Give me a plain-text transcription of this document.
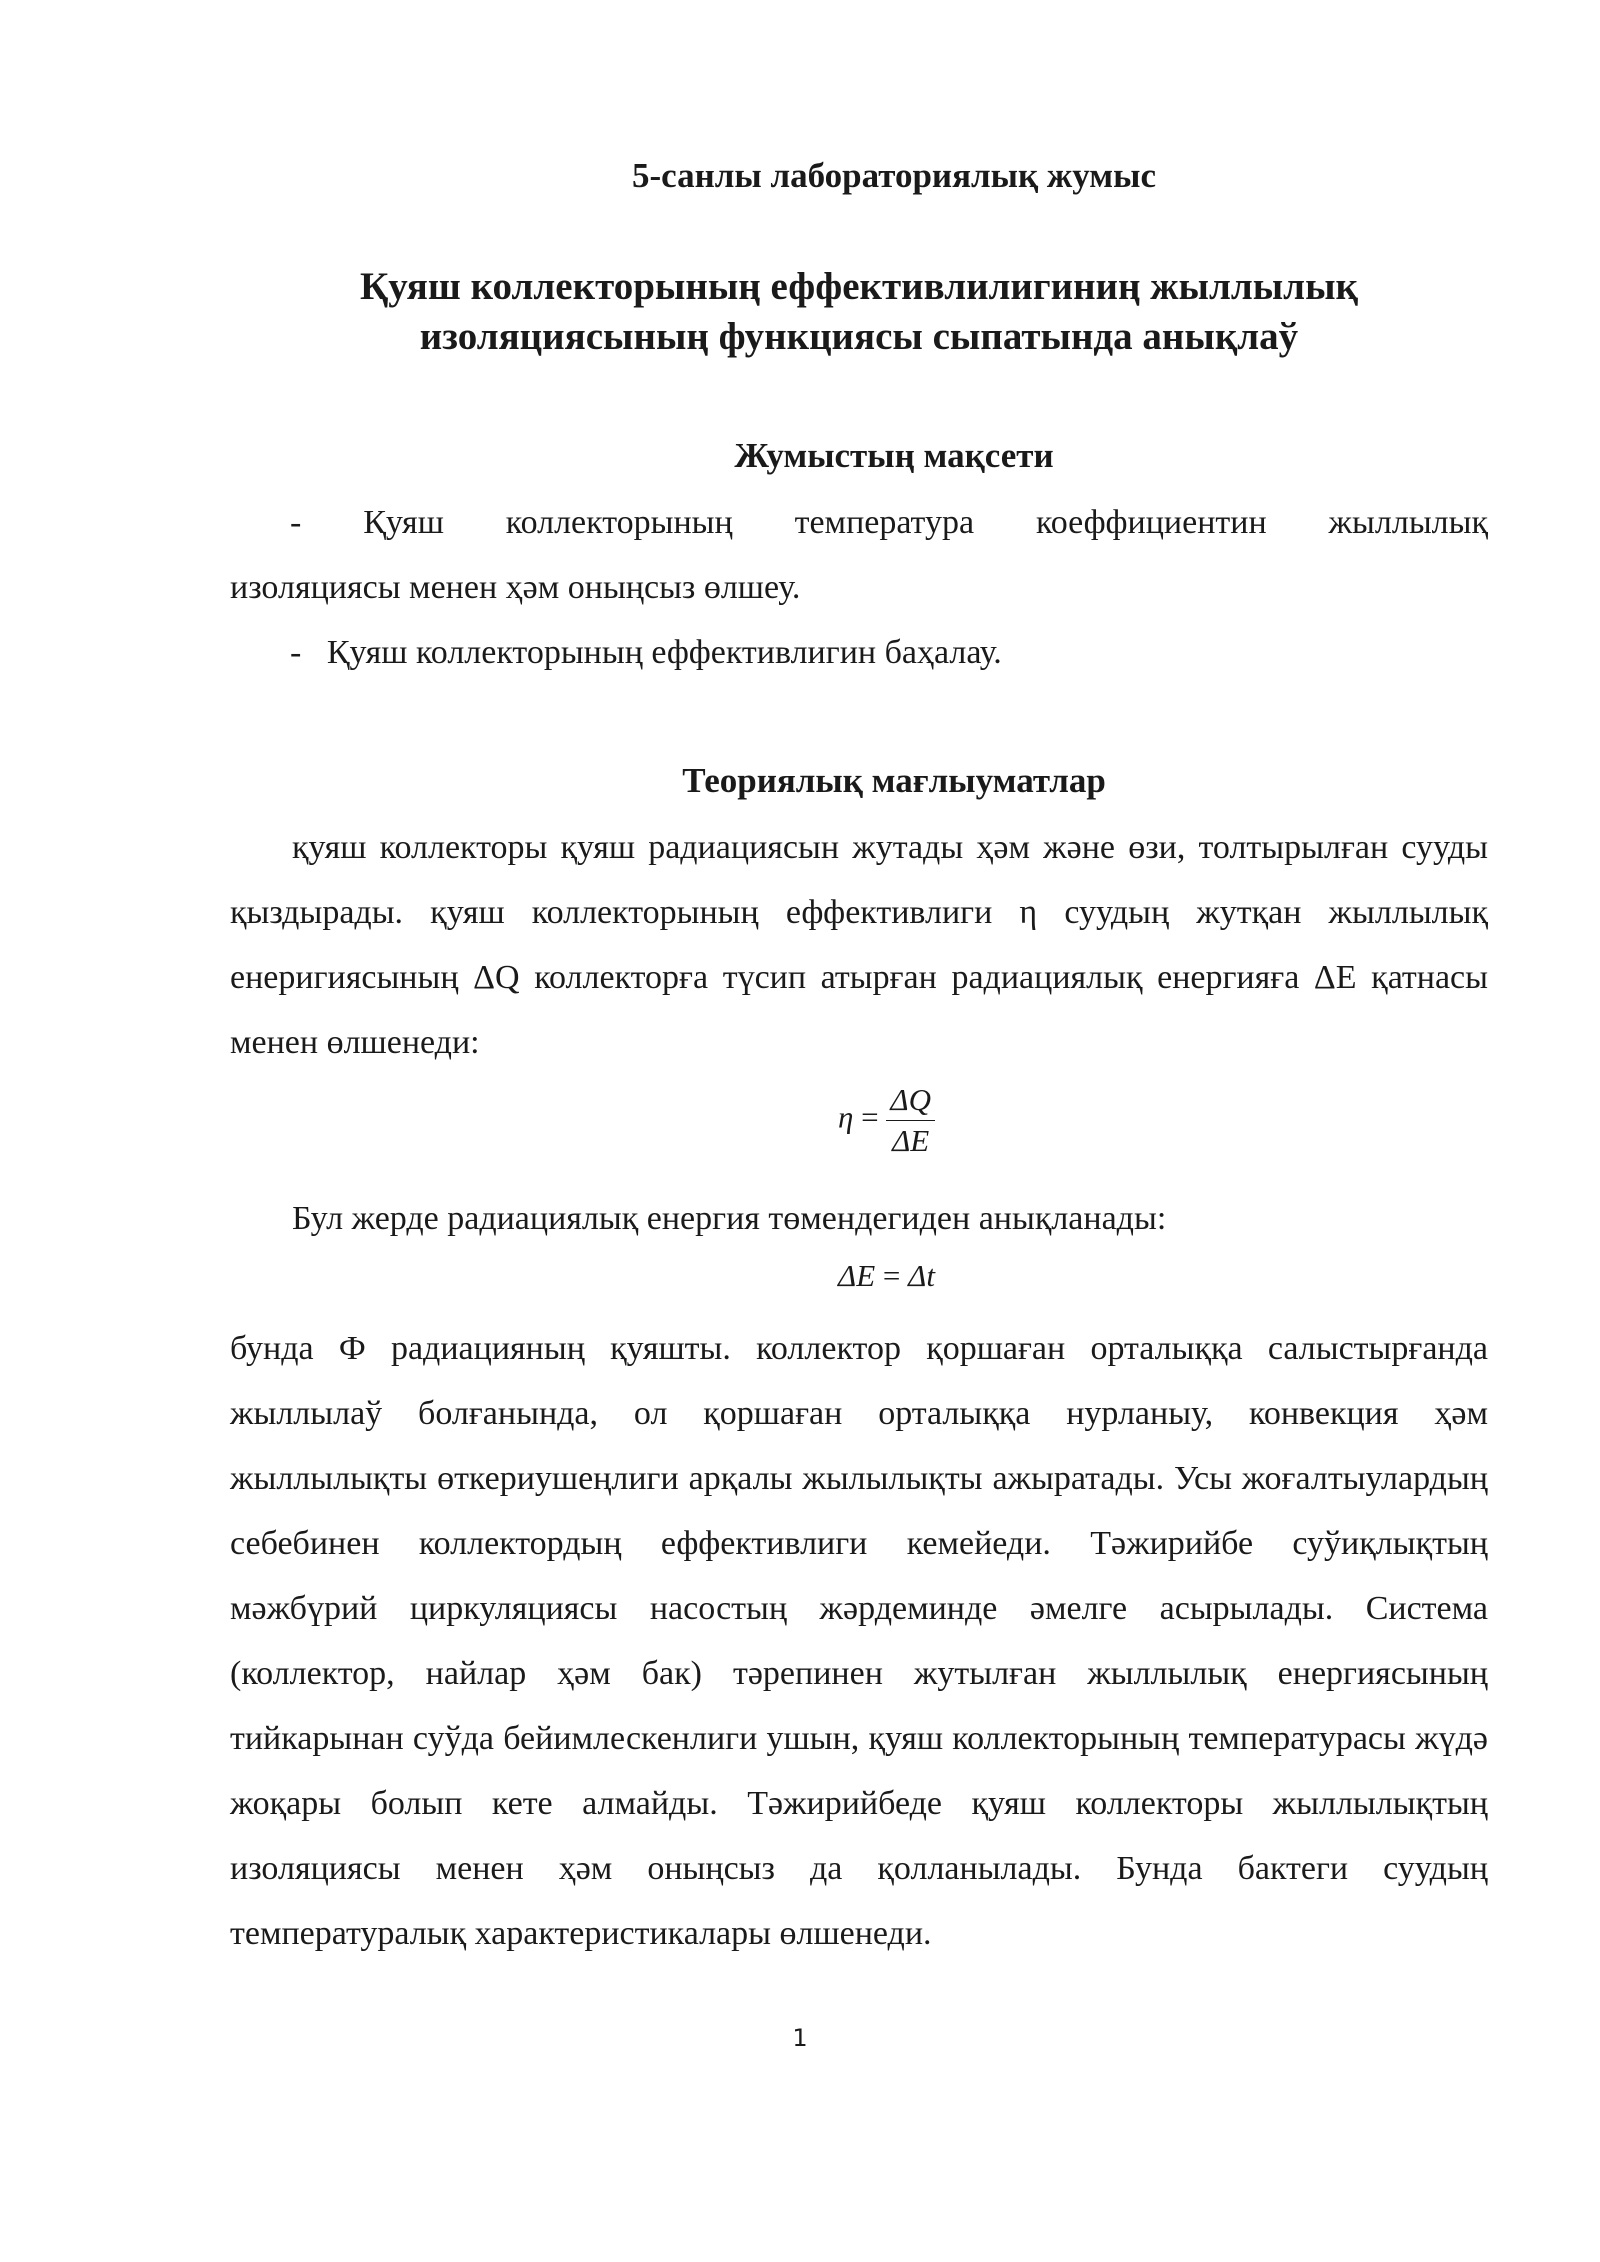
5-санлы лабораториялық жумыс
Қуяш коллекторының еффективлилигиниң жыллылық
изоляциясының функциясы сыпатында анықлаў
Жумыстың мақсети

-    Қуяш    коллекторының    температура    коеффициентин    жыллылық

изоляциясы менен ҳәм оныңсыз өлшеу.

-   Қуяш коллекторының еффективлигин баҳалау.

Теориялық мағлыуматлар

қуяш коллекторы қуяш радиациясын жутады ҳәм және өзи, толтырылған сууды қыздырады. қуяш коллекторының еффективлиги η суудың жутқан жыллылық енеригиясының ΔQ коллекторға түсип атырған радиациялық енергияға ΔE қатнасы менен өлшенеди:

$\eta = \frac{\Delta Q}{\Delta E}$

Бул жерде радиациялық енергия төмендегиден анықланады:

ΔE = Δt

бунда Ф радиацияның қуяшты. коллектор қоршаған орталыққа салыстырғанда жыллылаў болғанында, ол қоршаған орталыққа нурланыу, конвекция ҳәм жыллылықты өткериушеңлиги арқалы жылылықты ажыратады. Усы жоғалтыулардың себебинен коллектордың еффективлиги кемейеди. Тәжирийбе суўиқлықтың мәжбүрий циркуляциясы насостың жәрдеминде әмелге асырылады. Система (коллектор, найлар ҳәм бак) тәрепинен жутылған жыллылық енергиясының тийкарынан суўда бейимлескенлиги ушын, қуяш коллекторының температурасы жүдә жоқары болып кете алмайды. Тәжирийбеде қуяш коллекторы жыллылықтың изоляциясы менен ҳәм оныңсыз да қолланылады. Бунда бактеги суудың температуралық характеристикалары өлшенеди.

1
